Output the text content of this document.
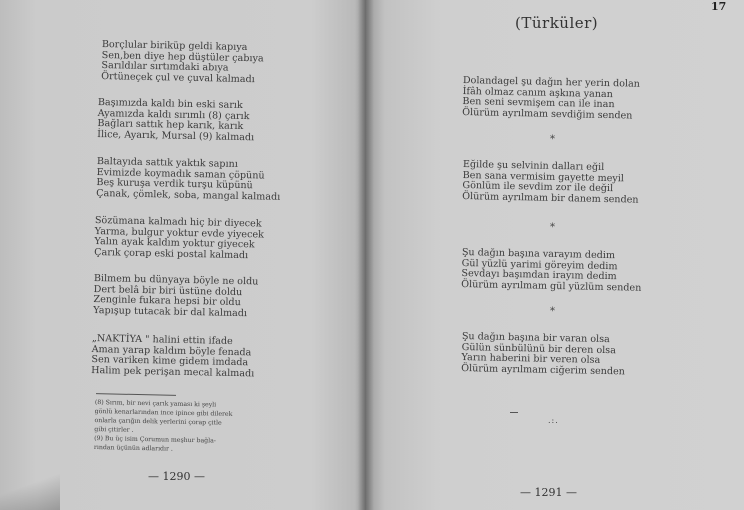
Borçlular biriküp geldi kapıya
Sen,ben diye hep düştüler çabıya
Sarıldılar sırtımdaki abıya
Örtüneçek çul ve çuval kalmadı
Başımızda kaldı bin eski sarık
Ayamızda kaldı sırımlı (8) çarık
Bağları sattık hep karık, karık
İlice, Ayarık, Mursal (9) kalmadı
Baltayıda sattık yaktık sapını
Evimizde koymadık saman çöpünü
Beş kuruşa verdik turşu küpünü
Çanak, çömlek, soba, mangal kalmadı
Sözümana kalmadı hiç bir diyecek
Yarma, bulgur yoktur evde yiyecek
Yalın ayak kaldım yoktur giyecek
Çarık çorap eski postal kalmadı
Bilmem bu dünyaya böyle ne oldu
Dert belâ bir biri üstüne doldu
Zenginle fukara hepsi bir oldu
Yapışup tutacak bir dal kalmadı
„NAKTİYA " halini ettin ifade
Aman yarap kaldım böyle fenada
Sen variken kime gidem imdada
Halim pek perişan mecal kalmadı
(8) Sırım, bir nevi çarık yaması ki şeyli
gönlü kenarlarından ince ipince gibi dilerek
onlarla çarığın delik yerlerini çorap çitle
gibi çitirler .
(9) Bu üç isim Çorumun meşhur bağla-
rından üçünün adlarıdır .
— 1290 —
(Türküler)
17
Dolandagel şu dağın her yerin dolan
İfâh olmaz canım aşkına yanan
Ben seni sevmişem can ile inan
Ölürüm ayrılmam sevdiğim senden
*
Eğilde şu selvinin dalları eğil
Ben sana vermisim gayette meyil
Gönlüm ile sevdim zor ile değil
Ölürüm ayrılmam bir danem senden
*
Şu dağın başına varayım dedim
Gül yüzlü yarimi göreyim dedim
Sevdayı başımdan irayım dedim
Ölürüm ayrılmam gül yüzlüm senden
*
Şu dağın başına bir varan olsa
Gülün sünbülünü bir deren olsa
Yarın haberini bir veren olsa
Ölürüm ayrılmam ciğerim senden
.:.
— 1291 —
